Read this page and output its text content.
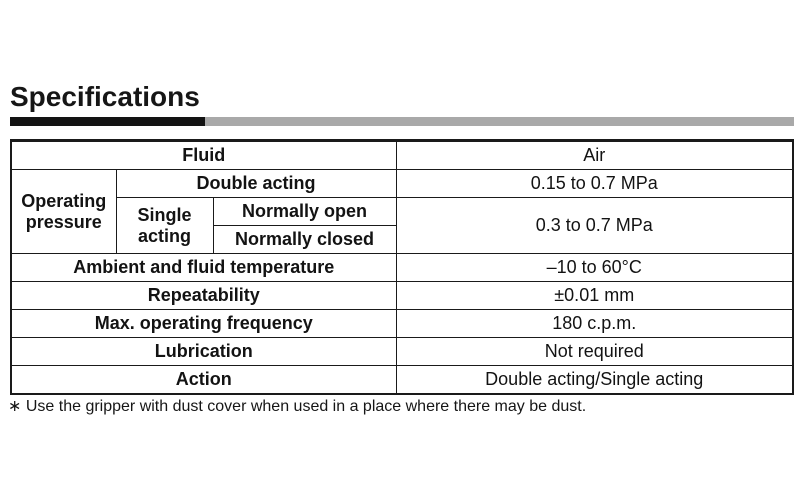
Specifications
Fluid			Air
Operating pressure	Double acting		0.15 to 0.7 MPa
	Single acting	Normally open	0.3 to 0.7 MPa
		Normally closed	
Ambient and fluid temperature			–10 to 60°C
Repeatability			±0.01 mm
Max. operating frequency			180 c.p.m.
Lubrication			Not required
Action			Double acting/Single acting
∗ Use the gripper with dust cover when used in a place where there may be dust.
